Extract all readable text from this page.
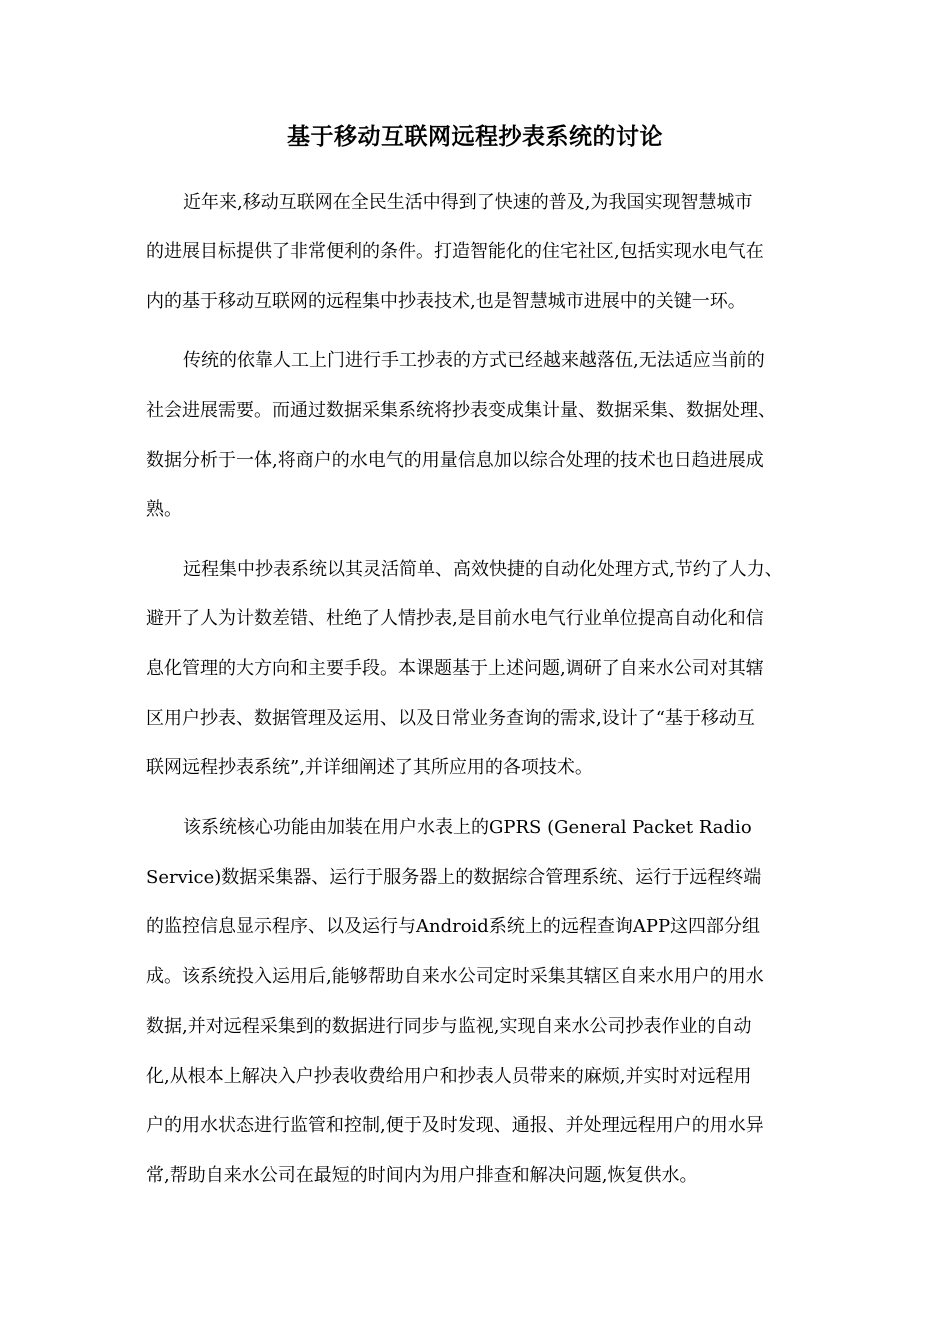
基于移动互联网远程抄表系统的讨论
近年来,移动互联网在全民生活中得到了快速的普及,为我国实现智慧城市
的进展目标提供了非常便利的条件。打造智能化的住宅社区,包括实现水电气在
内的基于移动互联网的远程集中抄表技术,也是智慧城市进展中的关键一环。
传统的依靠人工上门进行手工抄表的方式已经越来越落伍,无法适应当前的
社会进展需要。而通过数据采集系统将抄表变成集计量、数据采集、数据处理、
数据分析于一体,将商户的水电气的用量信息加以综合处理的技术也日趋进展成
熟。
远程集中抄表系统以其灵活简单、高效快捷的自动化处理方式,节约了人力、
避开了人为计数差错、杜绝了人情抄表,是目前水电气行业单位提高自动化和信
息化管理的大方向和主要手段。本课题基于上述问题,调研了自来水公司对其辖
区用户抄表、数据管理及运用、以及日常业务查询的需求,设计了“基于移动互
联网远程抄表系统”,并详细阐述了其所应用的各项技术。
该系统核心功能由加装在用户水表上的GPRS (General Packet Radio
Service)数据采集器、运行于服务器上的数据综合管理系统、运行于远程终端
的监控信息显示程序、以及运行与Android系统上的远程查询APP这四部分组
成。该系统投入运用后,能够帮助自来水公司定时采集其辖区自来水用户的用水
数据,并对远程采集到的数据进行同步与监视,实现自来水公司抄表作业的自动
化,从根本上解决入户抄表收费给用户和抄表人员带来的麻烦,并实时对远程用
户的用水状态进行监管和控制,便于及时发现、通报、并处理远程用户的用水异
常,帮助自来水公司在最短的时间内为用户排查和解决问题,恢复供水。
